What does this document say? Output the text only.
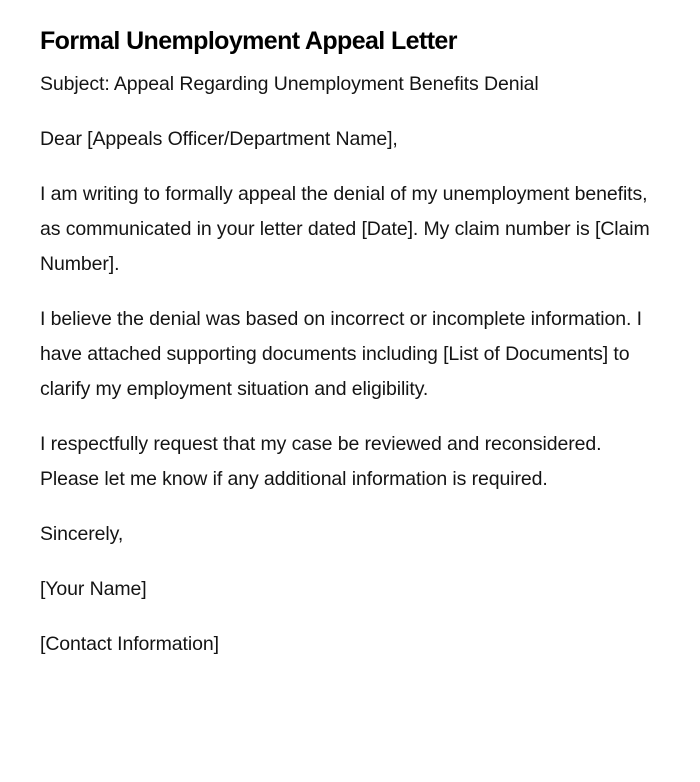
Formal Unemployment Appeal Letter

Subject: Appeal Regarding Unemployment Benefits Denial

Dear [Appeals Officer/Department Name],

I am writing to formally appeal the denial of my unemployment benefits, as communicated in your letter dated [Date]. My claim number is [Claim Number].

I believe the denial was based on incorrect or incomplete information. I have attached supporting documents including [List of Documents] to clarify my employment situation and eligibility.

I respectfully request that my case be reviewed and reconsidered. Please let me know if any additional information is required.

Sincerely,

[Your Name]

[Contact Information]
